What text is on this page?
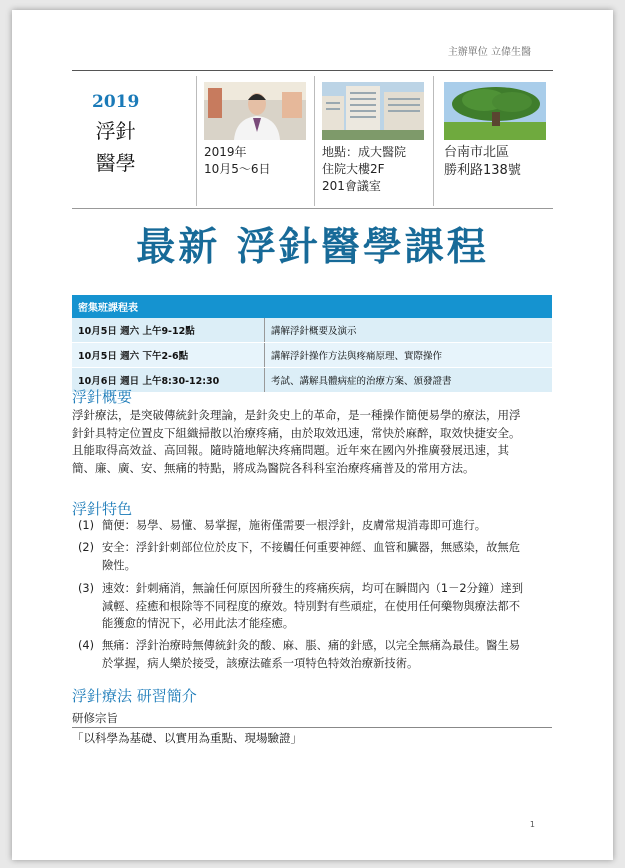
主辦單位 立偉生醫
2019
浮針
醫學	2019年
10月5～6日
地點：成大醫院
住院大樓2F
201會議室
台南市北區
勝利路138號
最新 浮針醫學課程
密集班課程表	
10月5日 週六 上午9-12點	講解浮針概要及演示
10月5日 週六 下午2-6點	講解浮針操作方法與疼痛原理、實際操作
10月6日 週日 上午8:30-12:30	考試、講解具體病症的治療方案、頒發證書
浮針概要
浮針療法，是突破傳統針灸理論，是針灸史上的革命，是一種操作簡便易學的療法，用浮
針針具特定位置皮下組織掃散以治療疼痛，由於取效迅速，常快於麻醉，取效快捷安全。
且能取得高效益、高回報。隨時隨地解決疼痛問題。近年來在國內外推廣發展迅速，其
簡、廉、廣、安、無痛的特點，將成為醫院各科科室治療疼痛普及的常用方法。
浮針特色
(1) 簡便：易學、易懂、易掌握，施術僅需要一根浮針，皮膚常規消毒即可進行。
(2) 安全：浮針針刺部位位於皮下，不接觸任何重要神經、血管和臟器，無感染，故無危
險性。
(3) 速效：針刺痛消，無論任何原因所發生的疼痛疾病，均可在瞬間內（1－2分鐘）達到
減輕、痊癒和根除等不同程度的療效。特別對有些頑症，在使用任何藥物與療法都不
能獲愈的情況下，必用此法才能痊癒。
(4) 無痛：浮針治療時無傳統針灸的酸、麻、脹、痛的針感，以完全無痛為最佳。醫生易
於掌握，病人樂於接受，該療法確系一項特色特效治療新技術。
浮針療法 研習簡介
研修宗旨
「以科學為基礎、以實用為重點、現場驗證」
1
